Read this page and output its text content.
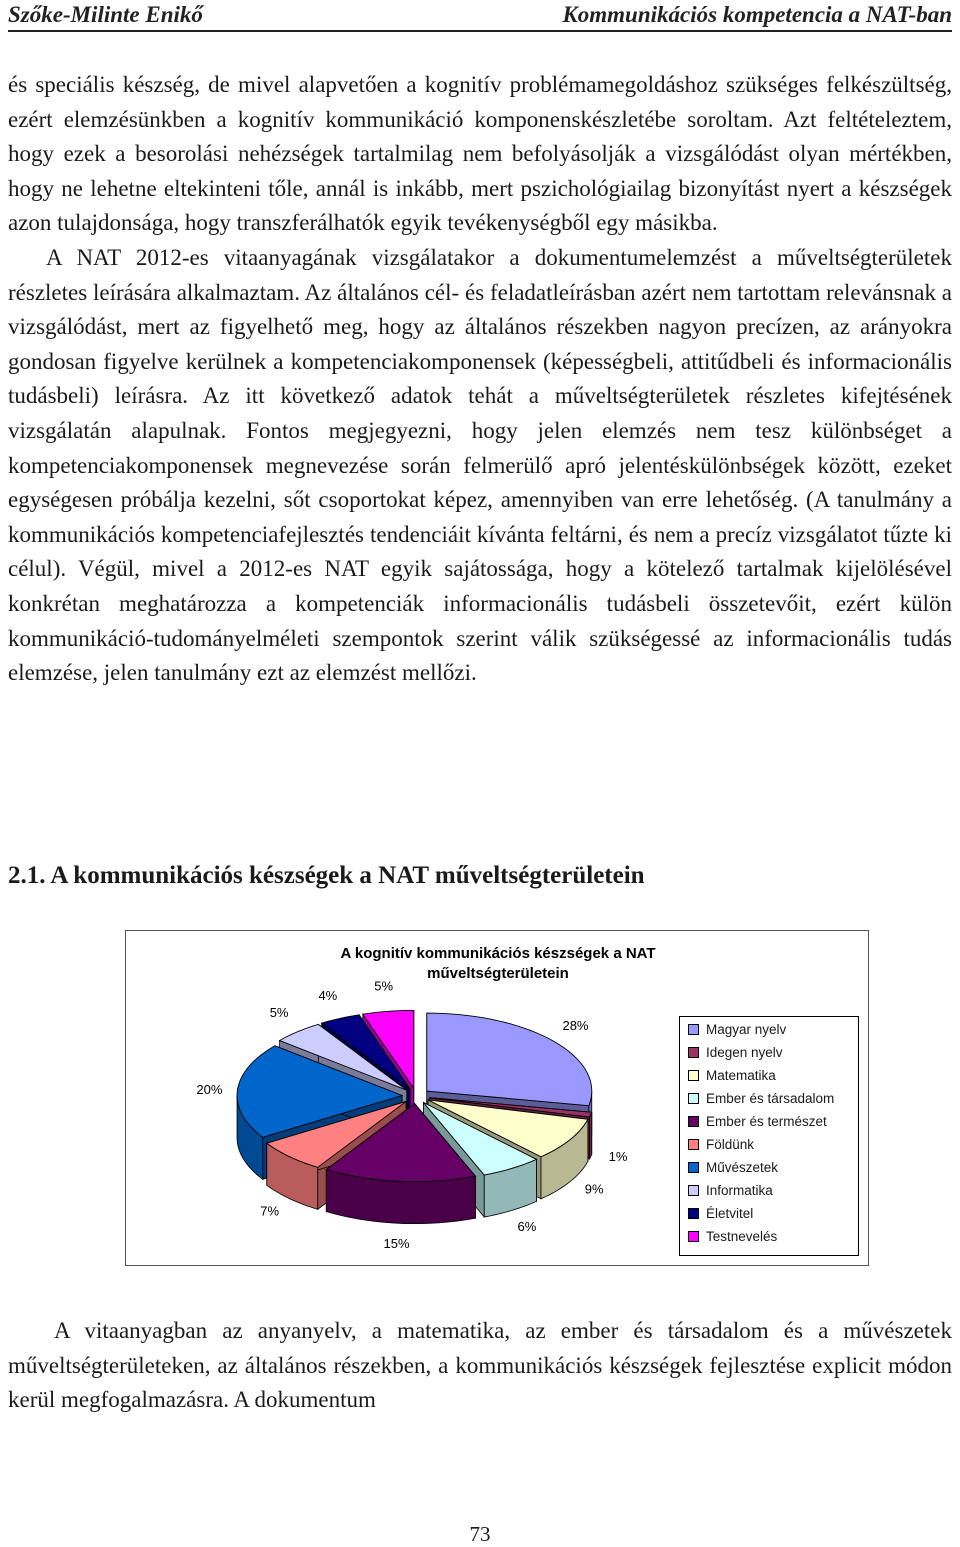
Szőke-Milinte Enikő	Kommunikációs kompetencia a NAT-ban

és speciális készség, de mivel alapvetően a kognitív problémamegoldáshoz szükséges felkészültség, ezért elemzésünkben a kognitív kommunikáció komponenskészletébe soroltam. Azt feltételeztem, hogy ezek a besorolási nehézségek tartalmilag nem befolyásolják a vizsgálódást olyan mértékben, hogy ne lehetne eltekinteni tőle, annál is inkább, mert pszichológiailag bizonyítást nyert a készségek azon tulajdonsága, hogy transzferálhatók egyik tevékenységből egy másikba.

A NAT 2012-es vitaanyagának vizsgálatakor a dokumentumelemzést a műveltségterületek részletes leírására alkalmaztam. Az általános cél- és feladatleírásban azért nem tartottam relevánsnak a vizsgálódást, mert az figyelhető meg, hogy az általános részekben nagyon precízen, az arányokra gondosan figyelve kerülnek a kompetenciakomponensek (képességbeli, attitűdbeli és informacionális tudásbeli) leírásra. Az itt következő adatok tehát a műveltségterületek részletes kifejtésének vizsgálatán alapulnak. Fontos megjegyezni, hogy jelen elemzés nem tesz különbséget a kompetenciakomponensek megnevezése során felmerülő apró jelentéskülönbségek között, ezeket egységesen próbálja kezelni, sőt csoportokat képez, amennyiben van erre lehetőség. (A tanulmány a kommunikációs kompetenciafejlesztés tendenciáit kívánta feltárni, és nem a precíz vizsgálatot tűzte ki célul). Végül, mivel a 2012-es NAT egyik sajátossága, hogy a kötelező tartalmak kijelölésével konkrétan meghatározza a kompetenciák informacionális tudásbeli összetevőit, ezért külön kommunikáció-tudományelméleti szempontok szerint válik szükségessé az informacionális tudás elemzése, jelen tanulmány ezt az elemzést mellőzi.

2.1. A kommunikációs készségek a NAT műveltségterületein
A kognitív kommunikációs készségek a NAT
műveltségterületein
28%
1%
9%
6%
15%
7%
20%
5%
4%
5%
Magyar nyelv
Idegen nyelv
Matematika
Ember és társadalom
Ember és természet
Földünk
Művészetek
Informatika
Életvitel
Testnevelés

A vitaanyagban az anyanyelv, a matematika, az ember és társadalom és a művészetek műveltségterületeken, az általános részekben, a kommunikációs készségek fejlesztése explicit módon kerül megfogalmazásra. A dokumentum

73
